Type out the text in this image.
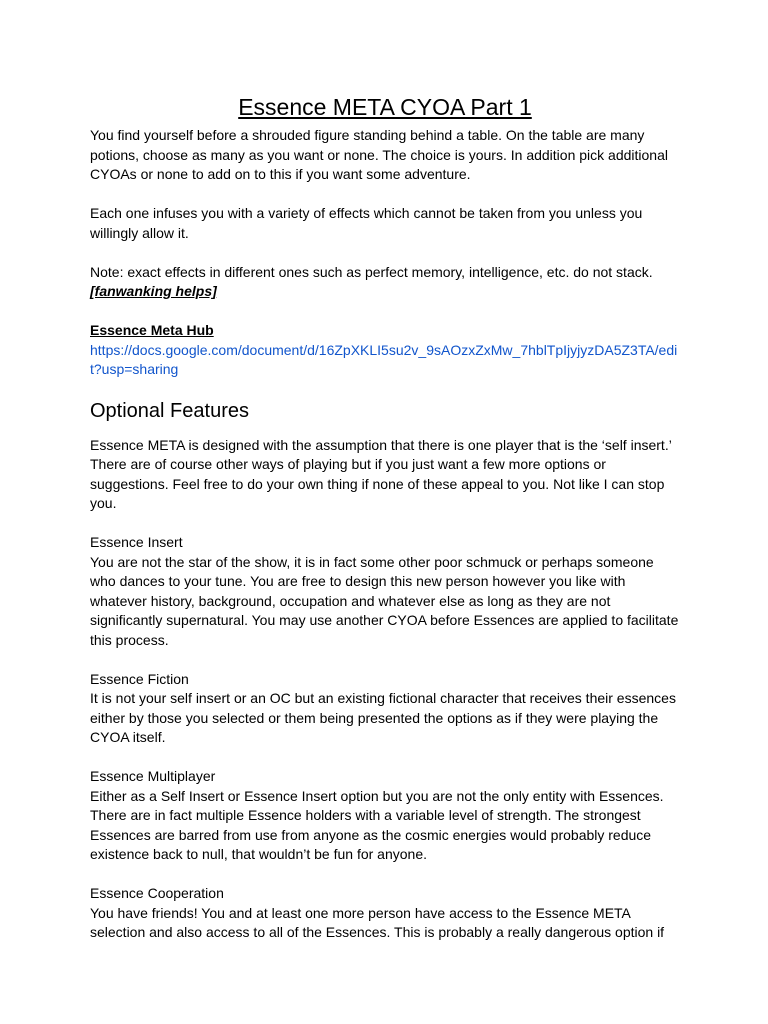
Essence META CYOA Part 1

You find yourself before a shrouded figure standing behind a table. On the table are many potions, choose as many as you want or none. The choice is yours. In addition pick additional CYOAs or none to add on to this if you want some adventure.

Each one infuses you with a variety of effects which cannot be taken from you unless you willingly allow it.

Note: exact effects in different ones such as perfect memory, intelligence, etc. do not stack.
[fanwanking helps]

Essence Meta Hub

https://docs.google.com/document/d/16ZpXKLI5su2v_9sAOzxZxMw_7hblTpIjyjyzDA5Z3TA/edit?usp=sharing
Optional Features

Essence META is designed with the assumption that there is one player that is the ‘self insert.’ There are of course other ways of playing but if you just want a few more options or suggestions. Feel free to do your own thing if none of these appeal to you. Not like I can stop you.

Essence Insert
You are not the star of the show, it is in fact some other poor schmuck or perhaps someone who dances to your tune. You are free to design this new person however you like with whatever history, background, occupation and whatever else as long as they are not significantly supernatural. You may use another CYOA before Essences are applied to facilitate this process.

Essence Fiction
It is not your self insert or an OC but an existing fictional character that receives their essences either by those you selected or them being presented the options as if they were playing the CYOA itself.

Essence Multiplayer
Either as a Self Insert or Essence Insert option but you are not the only entity with Essences. There are in fact multiple Essence holders with a variable level of strength. The strongest Essences are barred from use from anyone as the cosmic energies would probably reduce existence back to null, that wouldn’t be fun for anyone.

Essence Cooperation
You have friends! You and at least one more person have access to the Essence META selection and also access to all of the Essences. This is probably a really dangerous option if
